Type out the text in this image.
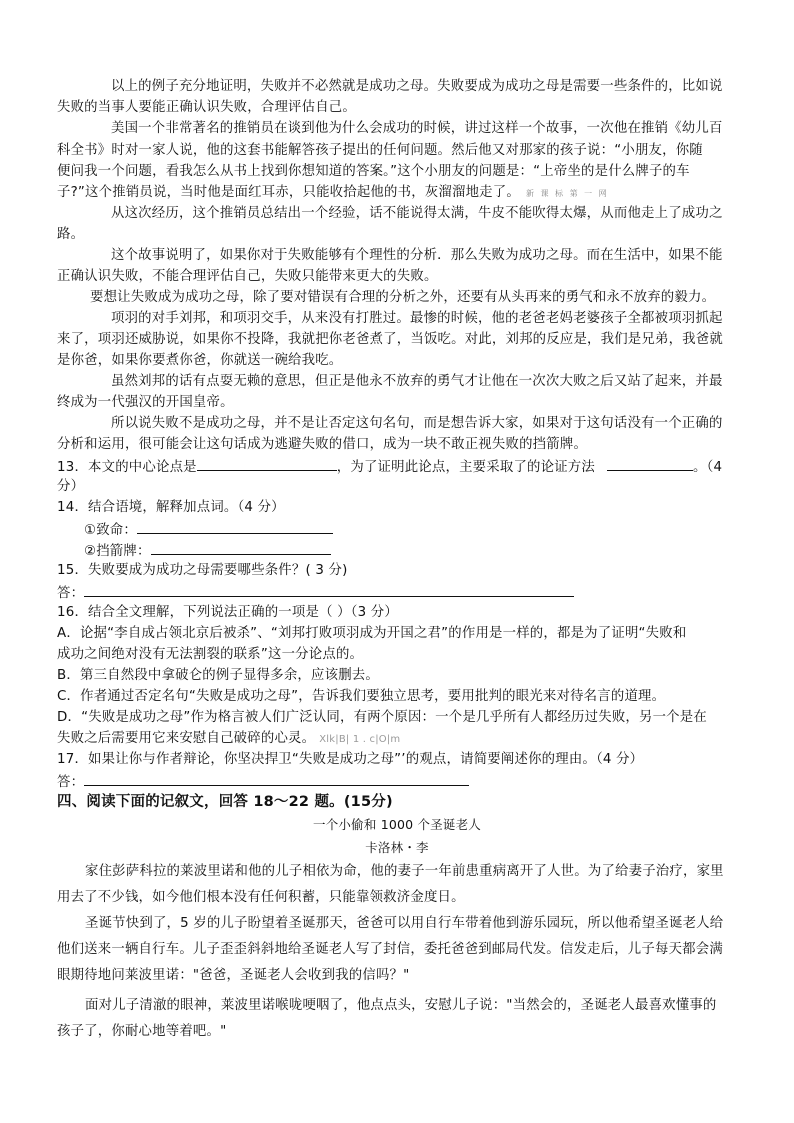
以上的例子充分地证明，失败并不必然就是成功之母。失败要成为成功之母是需要一些条件的，比如说
失败的当事人要能正确认识失败，合理评估自己。
美国一个非常著名的推销员在谈到他为什么会成功的时候，讲过这样一个故事，一次他在推销《幼儿百
科全书》时对一家人说，他的这套书能解答孩子提出的任何问题。然后他又对那家的孩子说：“小朋友，你随
便问我一个问题，看我怎么从书上找到你想知道的答案。”这个小朋友的问题是：“上帝坐的是什么牌子的车
子?”这个推销员说，当时他是面红耳赤，只能收拾起他的书，灰溜溜地走了。 新 课 标 第 一 网
从这次经历，这个推销员总结出一个经验，话不能说得太满，牛皮不能吹得太爆，从而他走上了成功之
路。
这个故事说明了，如果你对于失败能够有个理性的分析．那么失败为成功之母。而在生活中，如果不能
正确认识失败，不能合理评估自己，失败只能带来更大的失败。
要想让失败成为成功之母，除了要对错误有合理的分析之外，还要有从头再来的勇气和永不放弃的毅力。
项羽的对手刘邦，和项羽交手，从来没有打胜过。最惨的时候，他的老爸老妈老婆孩子全都被项羽抓起
来了，项羽还威胁说，如果你不投降，我就把你老爸煮了，当饭吃。对此，刘邦的反应是，我们是兄弟，我爸就
是你爸，如果你要煮你爸，你就送一碗给我吃。
虽然刘邦的话有点耍无赖的意思，但正是他永不放弃的勇气才让他在一次次大败之后又站了起来，并最
终成为一代强汉的开国皇帝。
所以说失败不是成功之母，并不是让否定这句名句，而是想告诉大家，如果对于这句话没有一个正确的
分析和运用，很可能会让这句话成为逃避失败的借口，成为一块不敢正视失败的挡箭牌。
13．本文的中心论点是	，为了证明此论点，主要采取了的论证方法	。（4
分）
14．结合语境，解释加点词。（4 分）
①致命：
②挡箭牌：
15．失败要成为成功之母需要哪些条件？( 3 分)
答：
16．结合全文理解，下列说法正确的一项是（ ）（3 分）
A．论据“李自成占领北京后被杀”、“刘邦打败项羽成为开国之君”的作用是一样的，都是为了证明“失败和
成功之间绝对没有无法割裂的联系”这一分论点的。
B．第三自然段中拿破仑的例子显得多余，应该删去。
C．作者通过否定名句“失败是成功之母”，告诉我们要独立思考，要用批判的眼光来对待名言的道理。
D．“失败是成功之母”作为格言被人们广泛认同，有两个原因：一个是几乎所有人都经历过失败，另一个是在
失败之后需要用它来安慰自己破碎的心灵。 Xlk|B| 1 . c|O|m
17．如果让你与作者辩论，你坚决捍卫“失败是成功之母”’的观点，请简要阐述你的理由。（4 分）
答：
四、阅读下面的记叙文，回答 18～22 题。(15分)
一个小偷和 1000 个圣诞老人
卡洛林・李
家住彭萨科拉的莱波里诺和他的儿子相依为命，他的妻子一年前患重病离开了人世。为了给妻子治疗，家里
用去了不少钱，如今他们根本没有任何积蓄，只能靠领救济金度日。
圣诞节快到了，5 岁的儿子盼望着圣诞那天，爸爸可以用自行车带着他到游乐园玩，所以他希望圣诞老人给
他们送来一辆自行车。儿子歪歪斜斜地给圣诞老人写了封信，委托爸爸到邮局代发。信发走后，儿子每天都会满
眼期待地问莱波里诺："爸爸，圣诞老人会收到我的信吗？"
面对儿子清澈的眼神，莱波里诺喉咙哽咽了，他点点头，安慰儿子说："当然会的，圣诞老人最喜欢懂事的
孩子了，你耐心地等着吧。"
